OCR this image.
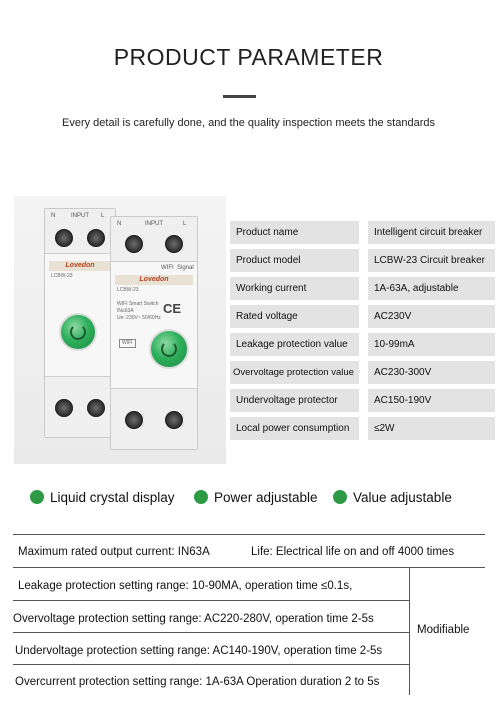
PRODUCT PARAMETER
Every detail is carefully done, and the quality inspection meets the standards
N	INPUT L
Lovedon
LCBW-23
N	INPUT	L
WIFI Signal
Lovedon
LCBW-23
WIFI Smart Switch
IN≤63A
Ue: 230V~ 50/60Hz
CE
WIFI
Product name	Intelligent circuit breaker
Product model	LCBW-23 Circuit breaker
Working current	1A-63A, adjustable
Rated voltage	AC230V
Leakage protection value	10-99mA
Overvoltage protection value	AC230-300V
Undervoltage protector	AC150-190V
Local power consumption	≤2W
Liquid crystal display	Power adjustable	Value adjustable
Maximum rated output current: IN63A	Life: Electrical life on and off 4000 times
Leakage protection setting range: 10-90MA, operation time ≤0.1s,
Overvoltage protection setting range: AC220-280V, operation time 2-5s
Undervoltage protection setting range: AC140-190V, operation time 2-5s
Overcurrent protection setting range: 1A-63A Operation duration 2 to 5s
Modifiable
